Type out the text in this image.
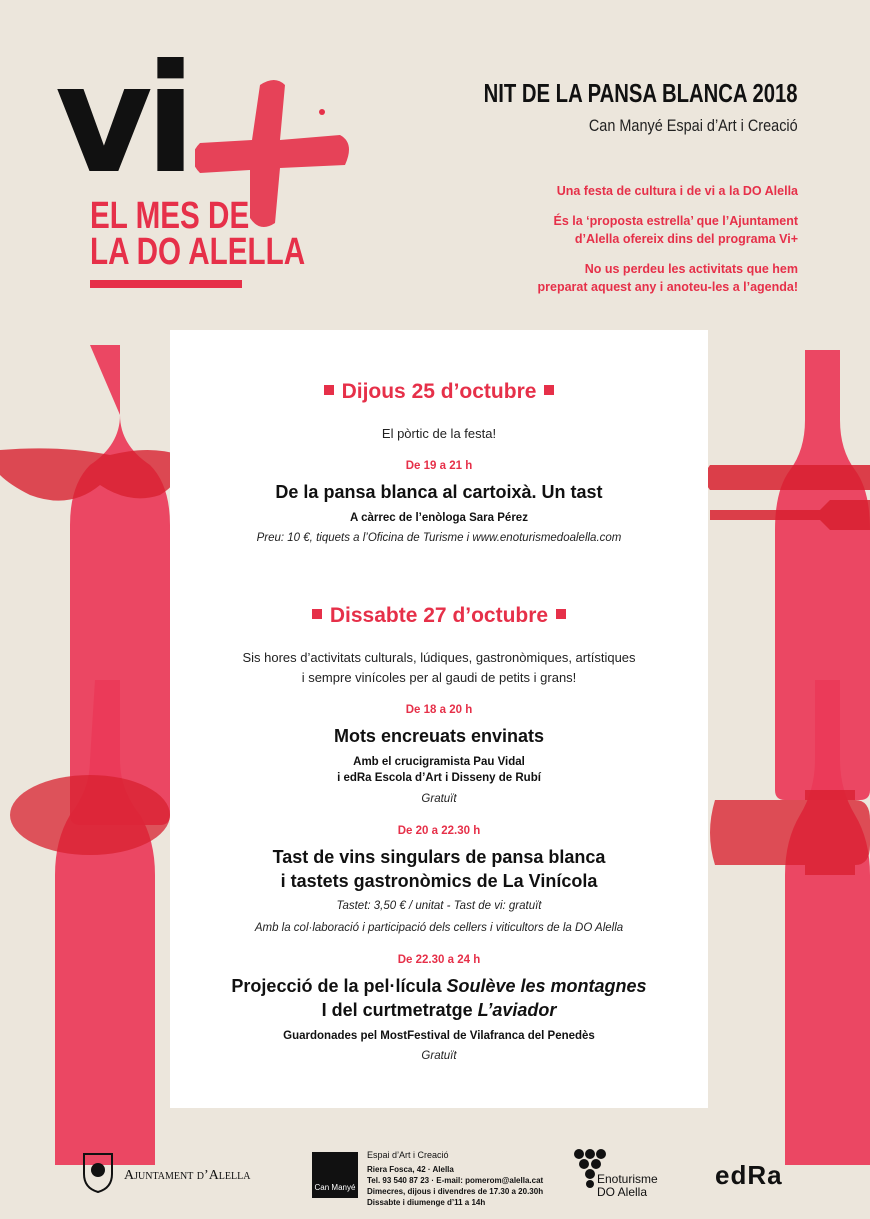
vi
EL MES DE
LA DO ALELLA
NIT DE LA PANSA BLANCA 2018
Can Manyé Espai d’Art i Creació
Una festa de cultura i de vi a la DO Alella
És la ‘proposta estrella’ que l’Ajuntament
d’Alella ofereix dins del programa Vi+
No us perdeu les activitats que hem
preparat aquest any i anoteu-les a l’agenda!
Dijous 25 d’octubre
El pòrtic de la festa!
De 19 a 21 h
De la pansa blanca al cartoixà. Un tast
A càrrec de l’enòloga Sara Pérez
Preu: 10 €, tiquets a l’Oficina de Turisme i www.enoturismedoalella.com
Dissabte 27 d’octubre
Sis hores d’activitats culturals, lúdiques, gastronòmiques, artístiques
i sempre vinícoles per al gaudi de petits i grans!
De 18 a 20 h
Mots encreuats envinats
Amb el crucigramista Pau Vidal
i edRa Escola d’Art i Disseny de Rubí
Gratuït
De 20 a 22.30 h
Tast de vins singulars de pansa blanca
i tastets gastronòmics de La Vinícola
Tastet: 3,50 € / unitat - Tast de vi: gratuït
Amb la col·laboració i participació dels cellers i viticultors de la DO Alella
De 22.30 a 24 h
Projecció de la pel·lícula Soulève les montagnes
I del curtmetratge L’aviador
Guardonades pel MostFestival de Vilafranca del Penedès
Gratuït
Ajuntament d’Alella
Can Manyé
Espai d’Art i Creació
Riera Fosca, 42 · Alella
Tel. 93 540 87 23 · E-mail: pomerom@alella.cat
Dimecres, dijous i divendres de 17.30 a 20.30h
Dissabte i diumenge d’11 a 14h
Enoturisme
DO Alella
edRa
